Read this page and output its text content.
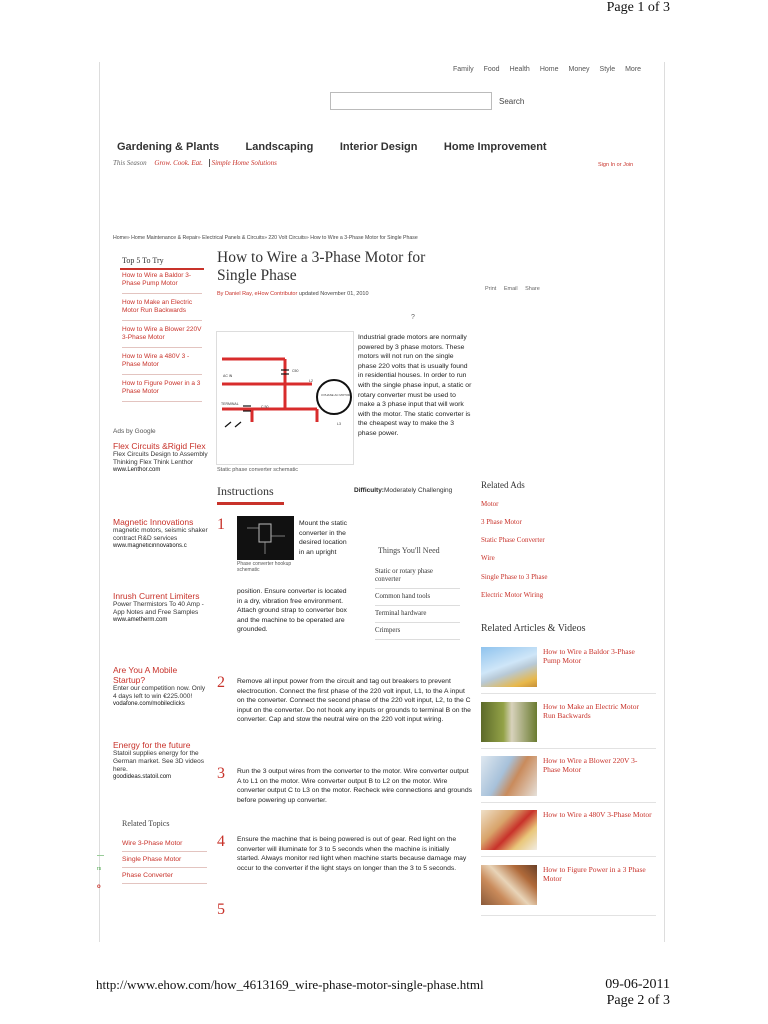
Page 1 of 3
http://www.ehow.com/how_4613169_wire-phase-motor-single-phase.html	09-06-2011
Page 2 of 3
Family Food Health Home Money Style More
Search
Gardening & Plants Landscaping Interior Design Home Improvement
This Season Grow. Cook. Eat. Simple Home Solutions	Sign In or Join
Home» Home Maintenance & Repair» Electrical Panels & Circuits» 220 Volt Circuits» How to Wire a 3-Phase Motor for Single Phase
Top 5 To Try
How to Wire a Baldor 3-Phase Pump Motor
How to Make an Electric Motor Run Backwards
How to Wire a Blower 220V 3-Phase Motor
How to Wire a 480V 3 -Phase Motor
How to Figure Power in a 3 Phase Motor
Ads by Google
Flex Circuits &Rigid Flex
Flex Circuits Design to Assembly Thinking Flex Think Lenthor
www.Lenthor.com
Magnetic Innovations
magnetic motors, seismic shaker contract R&D services
www.magneticinnovations.c
Inrush Current Limiters
Power Thermistors To 40 Amp - App Notes and Free Samples
www.ametherm.com
Are You A Mobile Startup?
Enter our competition now. Only 4 days left to win €225.000!
vodafone.com/mobileclicks
Energy for the future
Statoil supplies energy for the German market. See 3D videos here.
goodideas.statoil.com
Related Topics
Wire 3-Phase Motor
Single Phase Motor
Phase Converter
rs
o
How to Wire a 3-Phase Motor for Single Phase
By Daniel Ray, eHow Contributor updated November 01, 2010
Print Email Share
?
AC IN
C50
TERMINAL
C 50
3 PHASE AC MOTOR
L2
L3
Static phase converter schematic
Industrial grade motors are normally powered by 3 phase motors. These motors will not run on the single phase 220 volts that is usually found in residential houses. In order to run with the single phase input, a static or rotary converter must be used to make a 3 phase input that will work with the motor. The static converter is the cheapest way to make the 3 phase power.
Instructions	Difficulty:Moderately Challenging
1
Phase converter hookup schematic
Mount the static converter in the desired location in an upright
position. Ensure converter is located in a dry, vibration free environment. Attach ground strap to converter box and the machine to be operated are grounded.
Things You'll Need
Static or rotary phase converter
Common hand tools
Terminal hardware
Crimpers
2 Remove all input power from the circuit and tag out breakers to prevent electrocution. Connect the first phase of the 220 volt input, L1, to the A input on the converter. Connect the second phase of the 220 volt input, L2, to the C input on the converter. Do not hook any inputs or grounds to terminal B on the converter. Cap and stow the neutral wire on the 220 volt input wiring.
3 Run the 3 output wires from the converter to the motor. Wire converter output A to L1 on the motor. Wire converter output B to L2 on the motor. Wire converter output C to L3 on the motor. Recheck wire connections and grounds before powering up converter.
4 Ensure the machine that is being powered is out of gear. Red light on the converter will illuminate for 3 to 5 seconds when the machine is initially started. Always monitor red light when machine starts because damage may occur to the converter if the light stays on longer than the 3 to 5 seconds.
5
Related Ads
Motor
3 Phase Motor
Static Phase Converter
Wire
Single Phase to 3 Phase
Electric Motor Wiring
Related Articles & Videos
How to Wire a Baldor 3-Phase Pump Motor
How to Make an Electric Motor Run Backwards
How to Wire a Blower 220V 3-Phase Motor
How to Wire a 480V 3-Phase Motor
How to Figure Power in a 3 Phase Motor
